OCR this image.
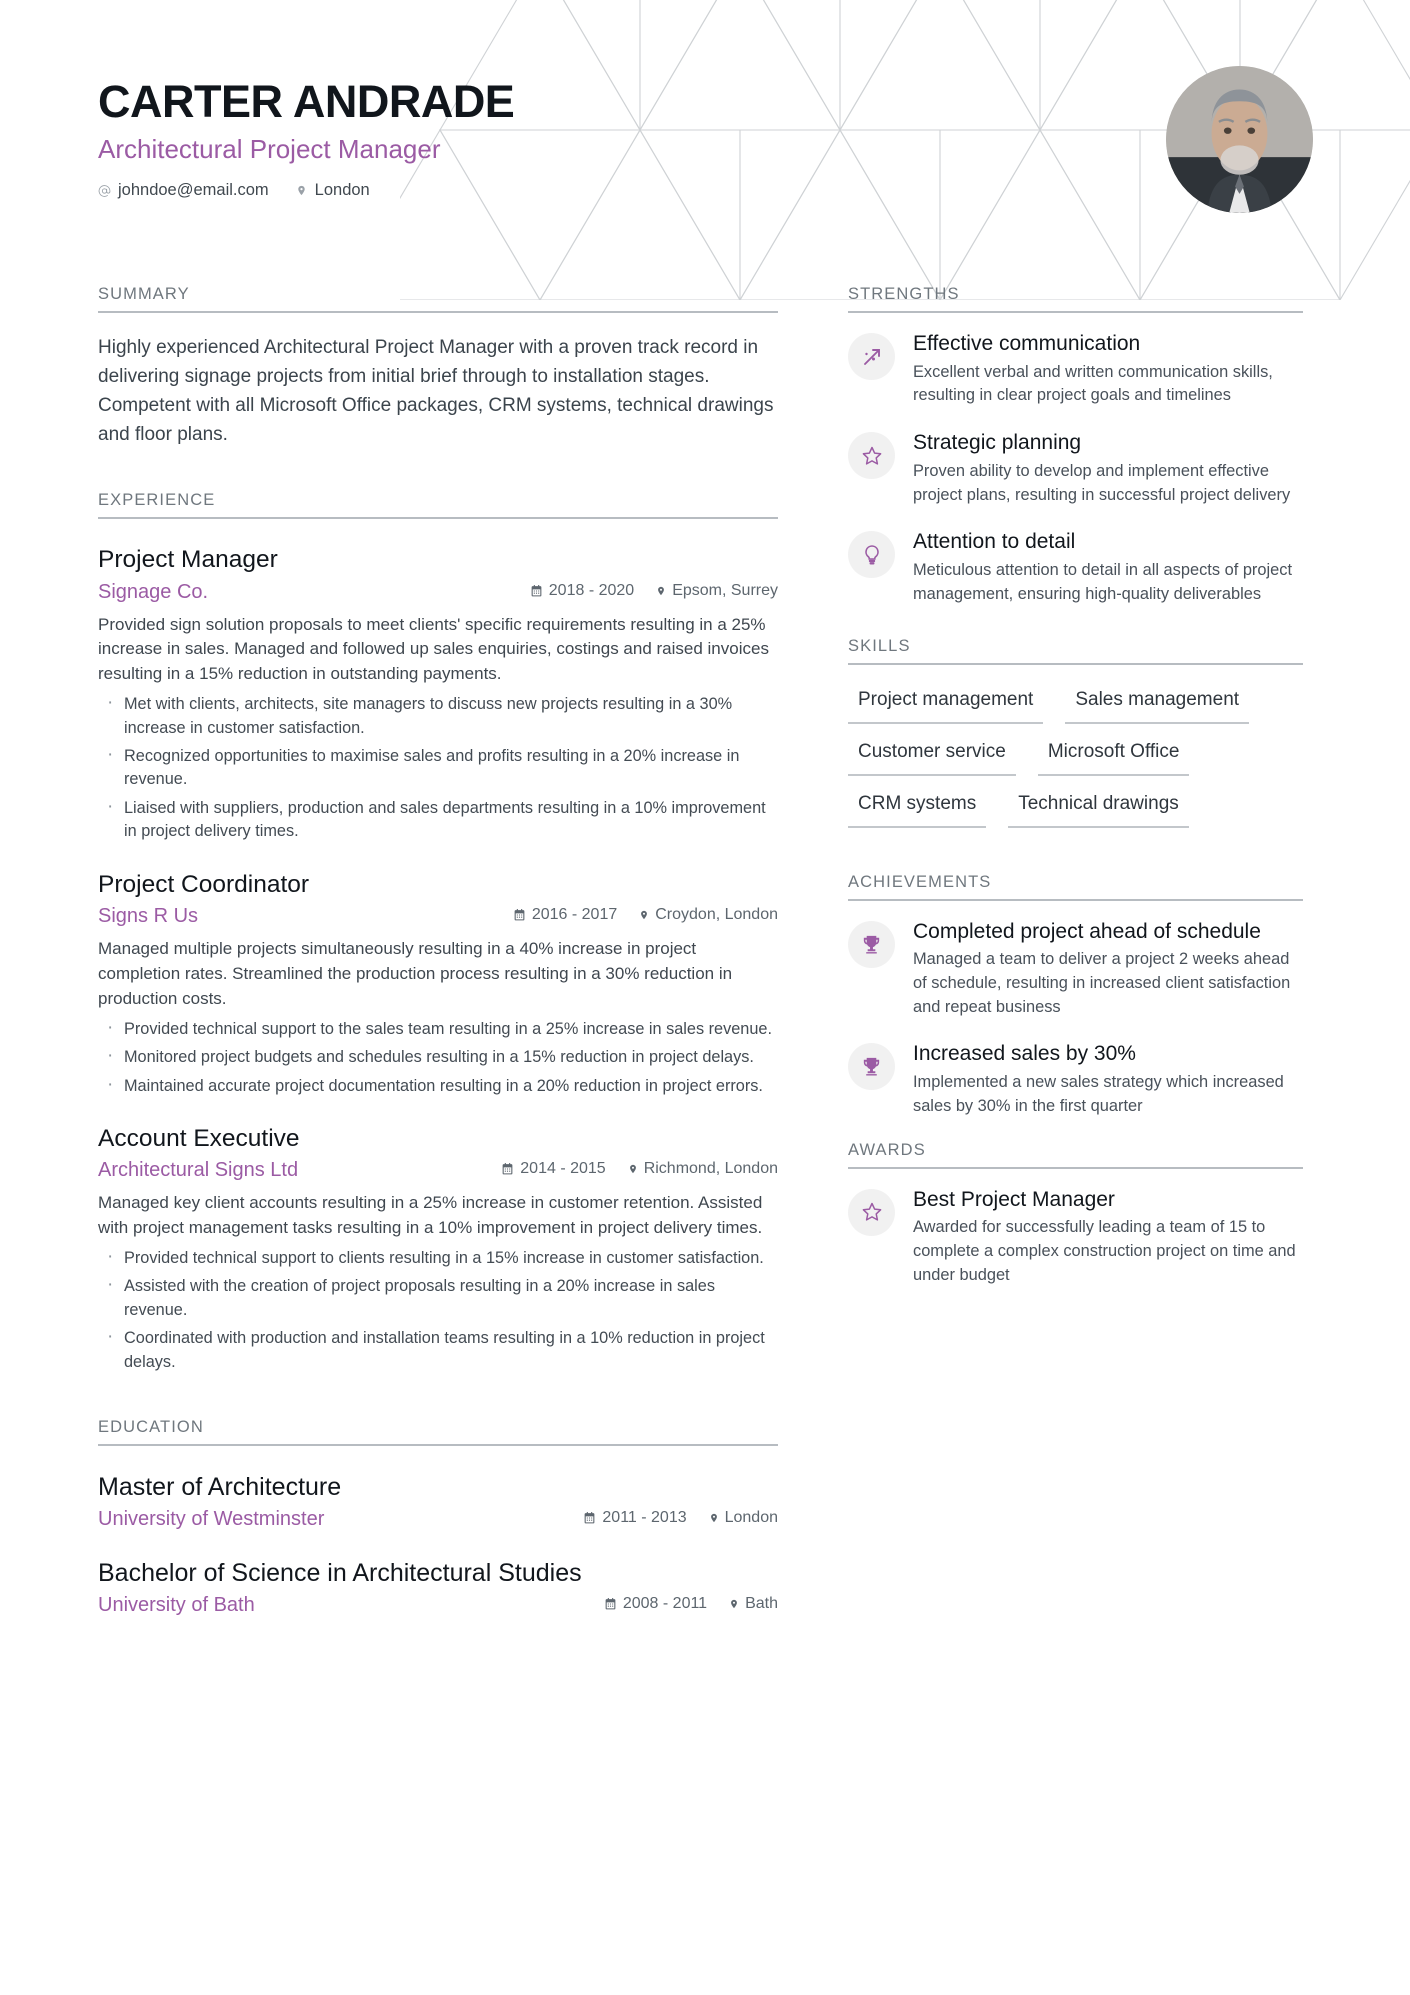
CARTER ANDRADE
Architectural Project Manager
johndoe@email.com	London
SUMMARY
Highly experienced Architectural Project Manager with a proven track record in delivering signage projects from initial brief through to installation stages. Competent with all Microsoft Office packages, CRM systems, technical drawings and floor plans.
EXPERIENCE
Project Manager
Signage Co.	2018 - 2020 Epsom, Surrey
Provided sign solution proposals to meet clients' specific requirements resulting in a 25% increase in sales. Managed and followed up sales enquiries, costings and raised invoices resulting in a 15% reduction in outstanding payments.
· Met with clients, architects, site managers to discuss new projects resulting in a 30% increase in customer satisfaction.
· Recognized opportunities to maximise sales and profits resulting in a 20% increase in revenue.
· Liaised with suppliers, production and sales departments resulting in a 10% improvement in project delivery times.
Project Coordinator
Signs R Us	2016 - 2017 Croydon, London
Managed multiple projects simultaneously resulting in a 40% increase in project completion rates. Streamlined the production process resulting in a 30% reduction in production costs.
· Provided technical support to the sales team resulting in a 25% increase in sales revenue.
· Monitored project budgets and schedules resulting in a 15% reduction in project delays.
· Maintained accurate project documentation resulting in a 20% reduction in project errors.
Account Executive
Architectural Signs Ltd	2014 - 2015 Richmond, London
Managed key client accounts resulting in a 25% increase in customer retention. Assisted with project management tasks resulting in a 10% improvement in project delivery times.
· Provided technical support to clients resulting in a 15% increase in customer satisfaction.
· Assisted with the creation of project proposals resulting in a 20% increase in sales revenue.
· Coordinated with production and installation teams resulting in a 10% reduction in project delays.
EDUCATION
Master of Architecture
University of Westminster	2011 - 2013 London
Bachelor of Science in Architectural Studies
University of Bath	2008 - 2011 Bath
STRENGTHS
Effective communication
Excellent verbal and written communication skills, resulting in clear project goals and timelines
Strategic planning
Proven ability to develop and implement effective project plans, resulting in successful project delivery
Attention to detail
Meticulous attention to detail in all aspects of project management, ensuring high-quality deliverables
SKILLS
Project management	Sales management
Customer service	Microsoft Office
CRM systems	Technical drawings
ACHIEVEMENTS
Completed project ahead of schedule
Managed a team to deliver a project 2 weeks ahead of schedule, resulting in increased client satisfaction and repeat business
Increased sales by 30%
Implemented a new sales strategy which increased sales by 30% in the first quarter
AWARDS
Best Project Manager
Awarded for successfully leading a team of 15 to complete a complex construction project on time and under budget
